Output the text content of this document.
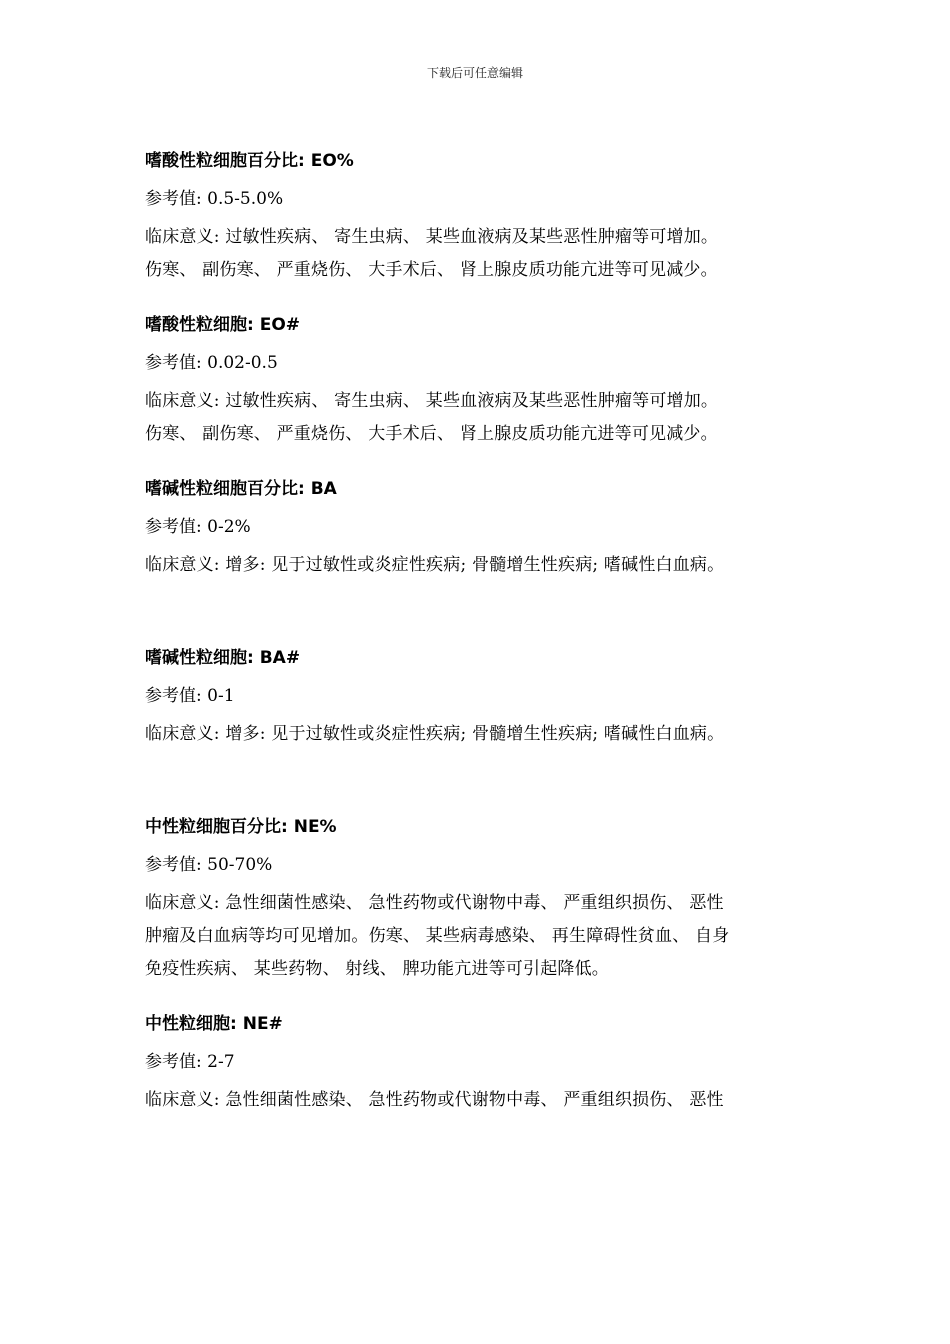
下载后可任意编辑
嗜酸性粒细胞百分比: EO%
参考值: 0.5-5.0%
临床意义: 过敏性疾病、 寄生虫病、 某些血液病及某些恶性肿瘤等可增加。
伤寒、 副伤寒、 严重烧伤、 大手术后、 肾上腺皮质功能亢进等可见减少。
嗜酸性粒细胞: EO#
参考值: 0.02-0.5
临床意义: 过敏性疾病、 寄生虫病、 某些血液病及某些恶性肿瘤等可增加。
伤寒、 副伤寒、 严重烧伤、 大手术后、 肾上腺皮质功能亢进等可见减少。
嗜碱性粒细胞百分比: BA
参考值: 0-2%
临床意义: 增多: 见于过敏性或炎症性疾病; 骨髓增生性疾病; 嗜碱性白血病。
嗜碱性粒细胞: BA#
参考值: 0-1
临床意义: 增多: 见于过敏性或炎症性疾病; 骨髓增生性疾病; 嗜碱性白血病。
中性粒细胞百分比: NE%
参考值: 50-70%
临床意义: 急性细菌性感染、 急性药物或代谢物中毒、 严重组织损伤、 恶性
肿瘤及白血病等均可见增加。伤寒、 某些病毒感染、 再生障碍性贫血、 自身
免疫性疾病、 某些药物、 射线、 脾功能亢进等可引起降低。
中性粒细胞: NE#
参考值: 2-7
临床意义: 急性细菌性感染、 急性药物或代谢物中毒、 严重组织损伤、 恶性
